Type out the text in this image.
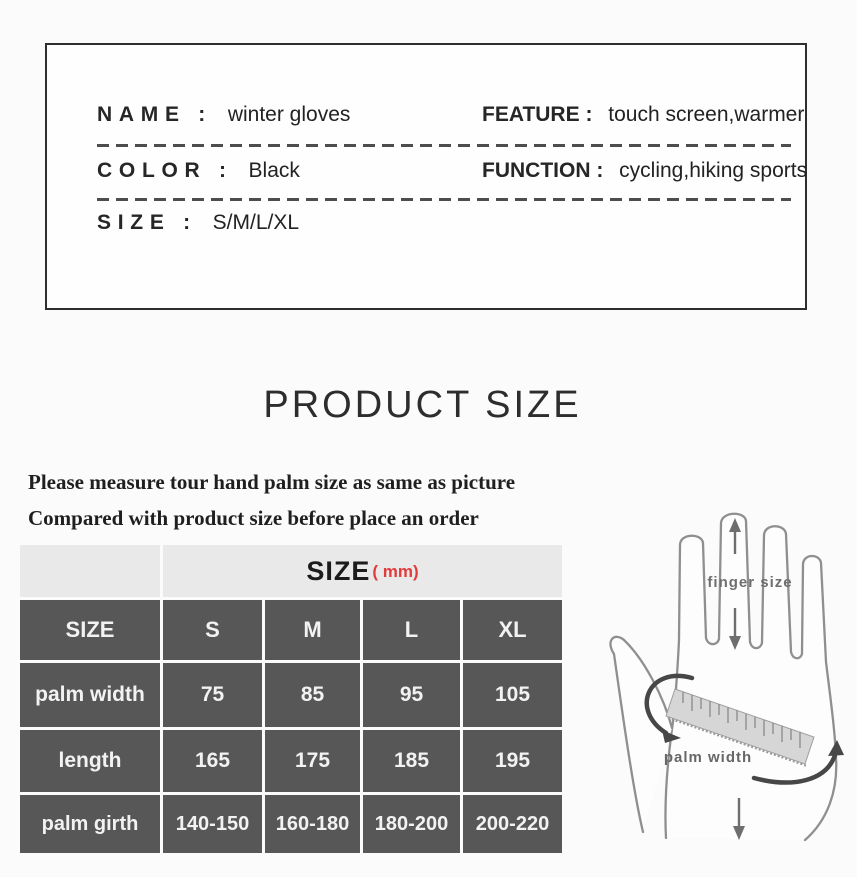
NAME : winter gloves	FEATURE : touch screen,warmer
COLOR : Black	FUNCTION : cycling,hiking sports
SIZE : S/M/L/XL
PRODUCT SIZE
Please measure tour hand palm size as same as picture
Compared with product size before place an order
SIZE ( mm)
SIZE	S	M	L	XL
palm width	75	85	95	105
length	165	175	185	195
palm girth	140-150	160-180	180-200	200-220
finger size
palm width
